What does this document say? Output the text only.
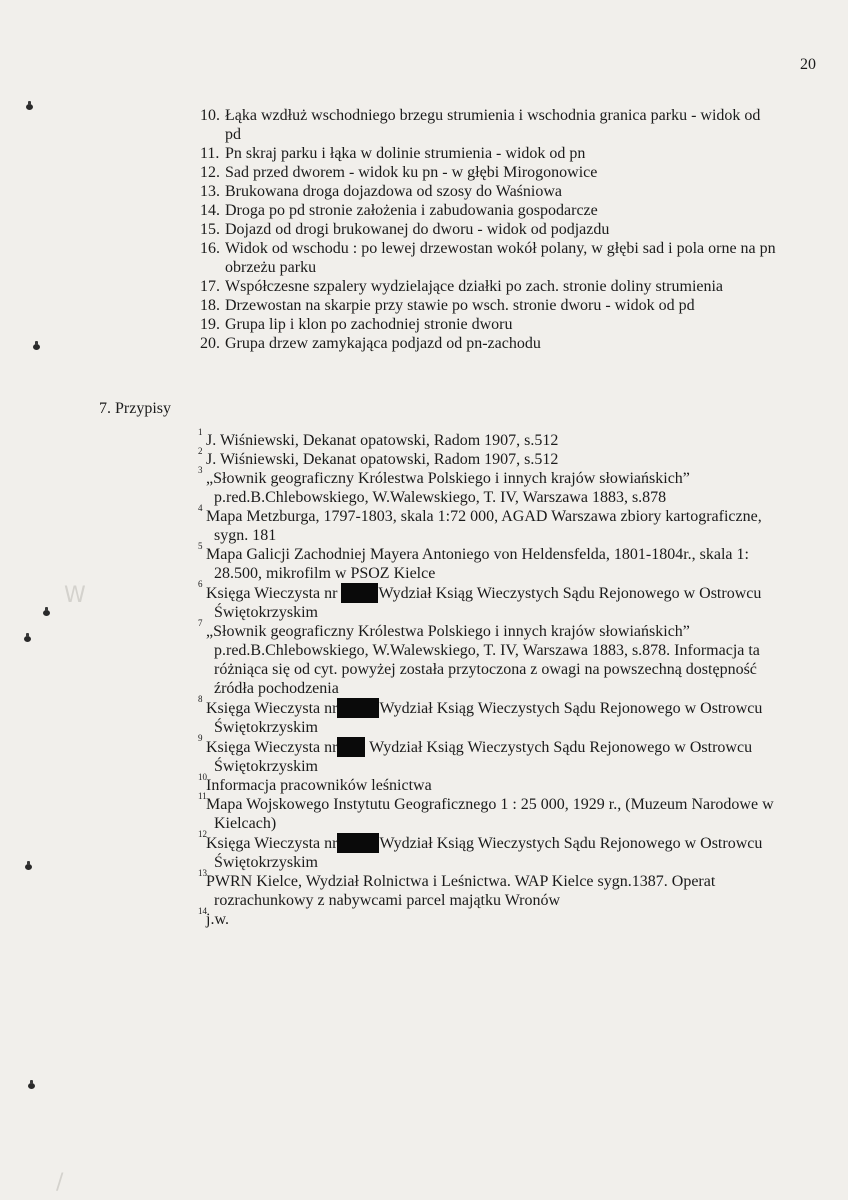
20
10. Łąka wzdłuż wschodniego brzegu strumienia i wschodnia granica parku - widok od
pd
11. Pn skraj parku i łąka w dolinie strumienia - widok od pn
12. Sad przed dworem - widok ku pn - w głębi Mirogonowice
13. Brukowana droga dojazdowa od szosy do Waśniowa
14. Droga po pd stronie założenia i zabudowania gospodarcze
15. Dojazd od drogi brukowanej do dworu - widok od podjazdu
16. Widok od wschodu : po lewej drzewostan wokół polany, w głębi sad i pola orne na pn
obrzeżu parku
17. Współczesne szpalery wydzielające działki po zach. stronie doliny strumienia
18. Drzewostan na skarpie przy stawie po wsch. stronie dworu - widok od pd
19. Grupa lip i klon po zachodniej stronie dworu
20. Grupa drzew zamykająca podjazd od pn-zachodu
7. Przypisy

1 J. Wiśniewski, Dekanat opatowski, Radom 1907, s.512

2 J. Wiśniewski, Dekanat opatowski, Radom 1907, s.512

3 „Słownik geograficzny Królestwa Polskiego i innych krajów słowiańskich”
p.red.B.Chlebowskiego, W.Walewskiego, T. IV, Warszawa 1883, s.878

4 Mapa Metzburga, 1797-1803, skala 1:72 000, AGAD Warszawa zbiory kartograficzne,
sygn. 181

5 Mapa Galicji Zachodniej Mayera Antoniego von Heldensfelda, 1801-1804r., skala 1:
28.500, mikrofilm w PSOZ Kielce

6
Księga Wieczysta nr Wydział Ksiąg Wieczystych Sądu Rejonowego w Ostrowcu
Świętokrzyskim

7 „Słownik geograficzny Królestwa Polskiego i innych krajów słowiańskich”
p.red.B.Chlebowskiego, W.Walewskiego, T. IV, Warszawa 1883, s.878. Informacja ta
różniąca się od cyt. powyżej została przytoczona z owagi na powszechną dostępność
źródła pochodzenia

8
Księga Wieczysta nr	Wydział Ksiąg Wieczystych Sądu Rejonowego w Ostrowcu
Świętokrzyskim

9
Księga Wieczysta nr Wydział Ksiąg Wieczystych Sądu Rejonowego w Ostrowcu
Świętokrzyskim

10 Informacja pracowników leśnictwa

11 Mapa Wojskowego Instytutu Geograficznego 1 : 25 000, 1929 r., (Muzeum Narodowe w
Kielcach)

12
Księga Wieczysta nr	Wydział Ksiąg Wieczystych Sądu Rejonowego w Ostrowcu
Świętokrzyskim

13 PWRN Kielce, Wydział Rolnictwa i Leśnictwa. WAP Kielce sygn.1387. Operat
rozrachunkowy z nabywcami parcel majątku Wronów

14 j.w.

W
/
